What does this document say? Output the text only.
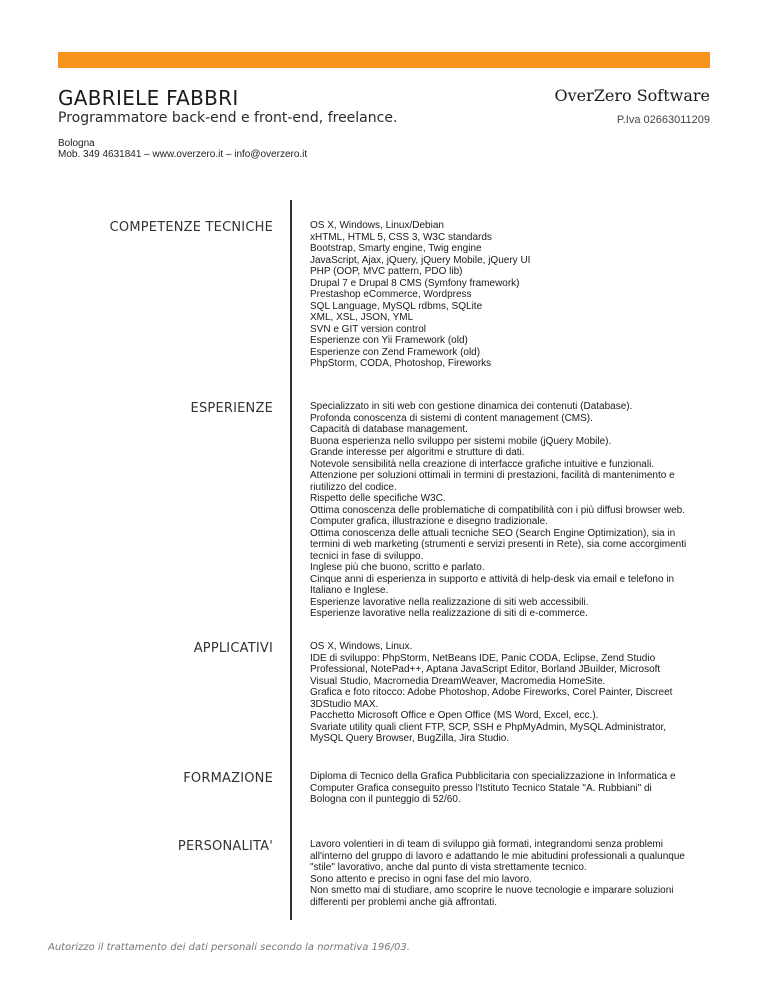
GABRIELE FABBRI	OverZero Software
Programmatore back-end e front-end, freelance.	P.Iva 02663011209
Bologna
Mob. 349 4631841 – www.overzero.it – info@overzero.it
COMPETENZE TECNICHE	OS X, Windows, Linux/Debian
xHTML, HTML 5, CSS 3, W3C standards
Bootstrap, Smarty engine, Twig engine
JavaScript, Ajax, jQuery, jQuery Mobile, jQuery UI
PHP (OOP, MVC pattern, PDO lib)
Drupal 7 e Drupal 8 CMS (Symfony framework)
Prestashop eCommerce, Wordpress
SQL Language, MySQL rdbms, SQLite
XML, XSL, JSON, YML
SVN e GIT version control
Esperienze con Yii Framework (old)
Esperienze con Zend Framework (old)
PhpStorm, CODA, Photoshop, Fireworks
ESPERIENZE	Specializzato in siti web con gestione dinamica dei contenuti (Database).
Profonda conoscenza di sistemi di content management (CMS).
Capacità di database management.
Buona esperienza nello sviluppo per sistemi mobile (jQuery Mobile).
Grande interesse per algoritmi e strutture di dati.
Notevole sensibilità nella creazione di interfacce grafiche intuitive e funzionali.
Attenzione per soluzioni ottimali in termini di prestazioni, facilità di mantenimento e
riutilizzo del codice.
Rispetto delle specifiche W3C.
Ottima conoscenza delle problematiche di compatibilità con i più diffusi browser web.
Computer grafica, illustrazione e disegno tradizionale.
Ottima conoscenza delle attuali tecniche SEO (Search Engine Optimization), sia in
termini di web marketing (strumenti e servizi presenti in Rete), sia come accorgimenti
tecnici in fase di sviluppo.
Inglese più che buono, scritto e parlato.
Cinque anni di esperienza in supporto e attività di help-desk via email e telefono in
Italiano e Inglese.
Esperienze lavorative nella realizzazione di siti web accessibili.
Esperienze lavorative nella realizzazione di siti di e-commerce.
APPLICATIVI	OS X, Windows, Linux.
IDE di sviluppo: PhpStorm, NetBeans IDE, Panic CODA, Eclipse, Zend Studio
Professional, NotePad++, Aptana JavaScript Editor, Borland JBuilder, Microsoft
Visual Studio, Macromedia DreamWeaver, Macromedia HomeSite.
Grafica e foto ritocco: Adobe Photoshop, Adobe Fireworks, Corel Painter, Discreet
3DStudio MAX.
Pacchetto Microsoft Office e Open Office (MS Word, Excel, ecc.).
Svariate utility quali client FTP, SCP, SSH e PhpMyAdmin, MySQL Administrator,
MySQL Query Browser, BugZilla, Jira Studio.
FORMAZIONE	Diploma di Tecnico della Grafica Pubblicitaria con specializzazione in Informatica e
Computer Grafica conseguito presso l'Istituto Tecnico Statale "A. Rubbiani" di
Bologna con il punteggio di 52/60.
PERSONALITA'	Lavoro volentieri in di team di sviluppo già formati, integrandomi senza problemi
all'interno del gruppo di lavoro e adattando le mie abitudini professionali a qualunque
"stile" lavorativo, anche dal punto di vista strettamente tecnico.
Sono attento e preciso in ogni fase del mio lavoro.
Non smetto mai di studiare, amo scoprire le nuove tecnologie e imparare soluzioni
differenti per problemi anche già affrontati.
Autorizzo il trattamento dei dati personali secondo la normativa 196/03.
